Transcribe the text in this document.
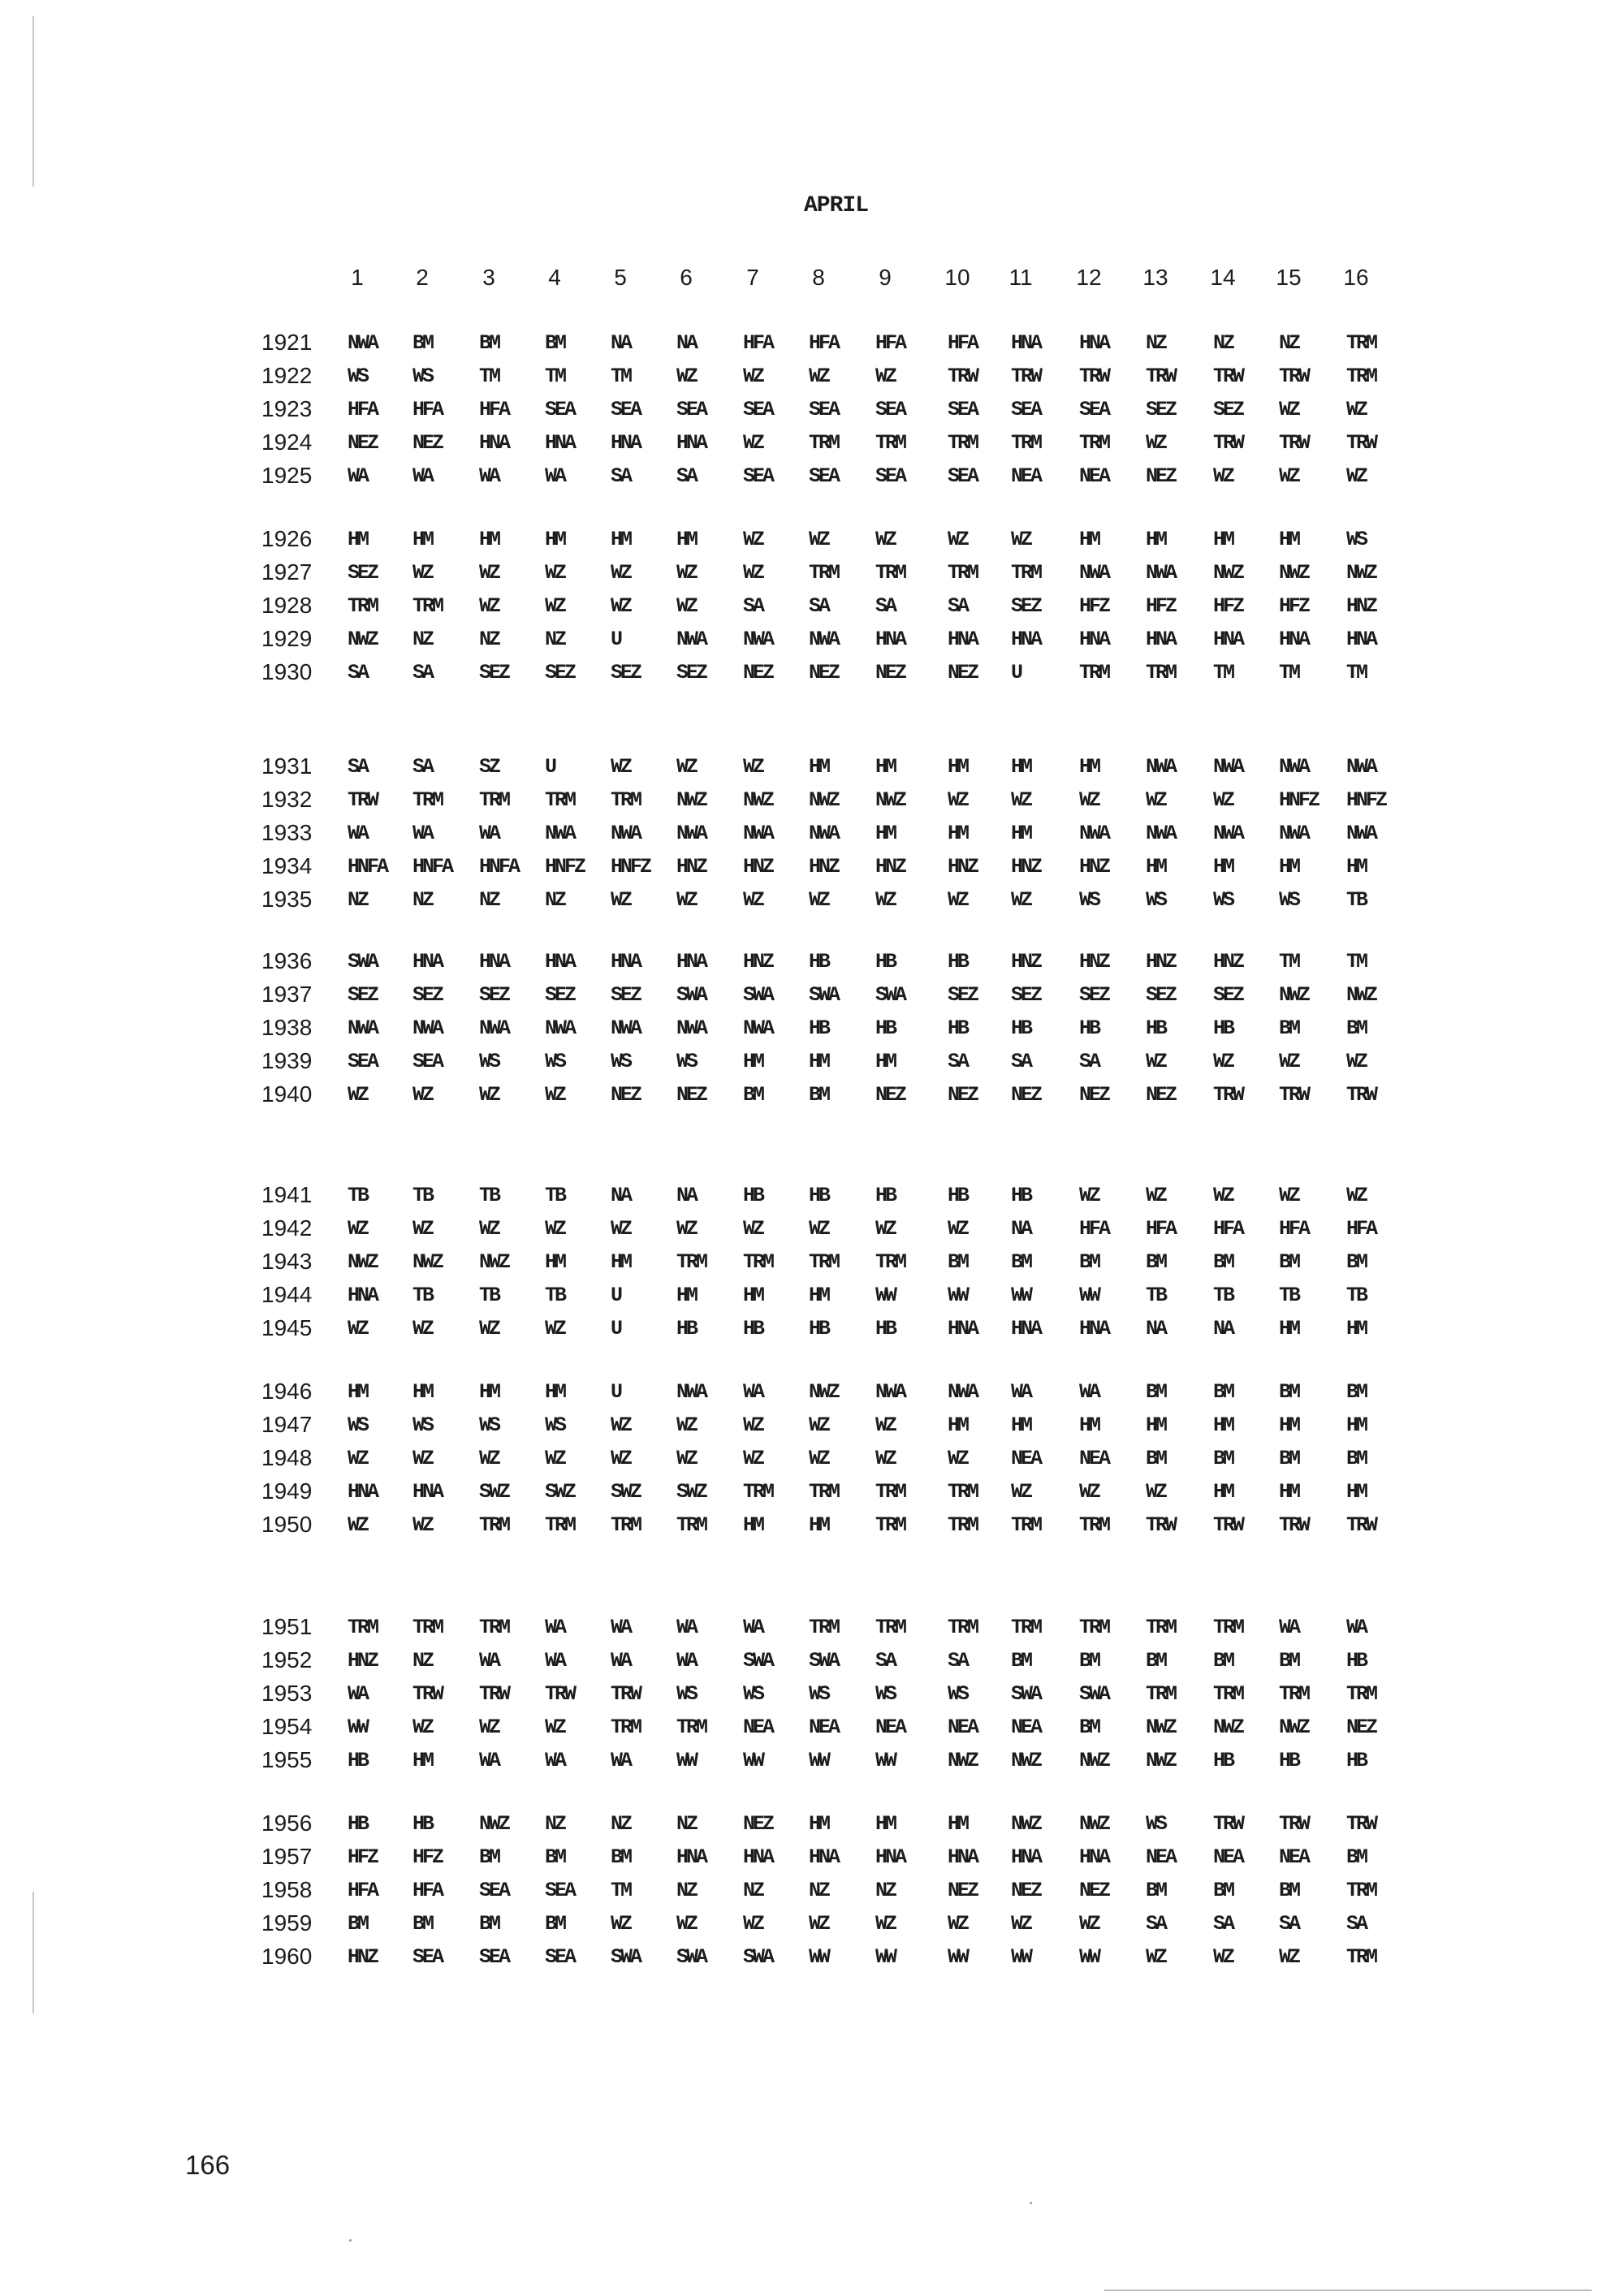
APRIL
1	2	3	4	5	6	7	8	9	10	11	12	13	14	15	16
1921 NWA BM BM BM NA NA HFA HFA HFA HFA HNA HNA NZ NZ NZ TRM
1922 WS WS TM TM TM WZ WZ WZ WZ	TRW TRW TRW TRW TRW TRW TRM
1923 HFA HFA HFA SEA SEA SEA SEA SEA SEA SEA SEA SEA SEZ SEZ WZ WZ
1924 NEZ NEZ HNA HNA HNA HNA WZ TRM TRM TRM TRM TRM WZ TRW TRW TRW
1925 WA WA WA WA SA SA SEA SEA SEA SEA NEA NEA NEZ WZ WZ WZ
1926 HM HM HM HM HM HM WZ WZ WZ	WZ WZ HM HM HM HM WS
1927 SEZ WZ WZ WZ WZ WZ WZ TRM TRM TRM TRM NWA NWA NWZ NWZ NWZ
1928 TRM TRM WZ WZ WZ WZ SA SA SA	SA SEZ HFZ HFZ HFZ HFZ HNZ
1929 NWZ NZ NZ NZ U	NWA NWA NWA HNA HNA HNA HNA HNA HNA HNA HNA
1930 SA SA SEZ SEZ SEZ SEZ NEZ NEZ NEZ NEZ U	TRM TRM TM TM TM
1931 SA SA SZ U	WZ WZ WZ HM HM	HM HM HM NWA NWA NWA NWA
1932 TRW TRM TRM TRM TRM NWZ NWZ NWZ NWZ WZ WZ WZ WZ WZ HNFZ HNFZ
1933 WA WA WA NWA NWA NWA NWA NWA HM	HM HM NWA NWA NWA NWA NWA
1934 HNFA HNFA HNFA HNFZ HNFZ HNZ HNZ HNZ HNZ HNZ HNZ HNZ HM HM HM HM
1935 NZ NZ NZ NZ WZ WZ WZ WZ WZ	WZ WZ WS WS WS WS TB
1936 SWA HNA HNA HNA HNA HNA HNZ HB HB	HB HNZ HNZ HNZ HNZ TM TM
1937 SEZ SEZ SEZ SEZ SEZ SWA SWA SWA SWA SEZ SEZ SEZ SEZ SEZ NWZ NWZ
1938 NWA NWA NWA NWA NWA NWA NWA HB HB	HB HB HB HB HB BM BM
1939 SEA SEA WS WS WS WS HM HM HM	SA SA SA WZ WZ WZ WZ
1940 WZ WZ WZ WZ NEZ NEZ BM BM NEZ NEZ NEZ NEZ NEZ TRW TRW TRW
1941 TB TB TB TB NA NA HB HB HB	HB HB WZ WZ WZ WZ WZ
1942 WZ WZ WZ WZ WZ WZ WZ WZ WZ	WZ NA HFA HFA HFA HFA HFA
1943 NWZ NWZ NWZ HM HM TRM TRM TRM TRM BM BM BM BM BM BM BM
1944 HNA TB TB TB U	HM HM HM WW	WW WW WW TB TB TB TB
1945 WZ WZ WZ WZ U	HB HB HB HB	HNA HNA HNA NA NA HM HM
1946 HM HM HM HM U	NWA WA NWZ NWA NWA WA WA BM BM BM BM
1947 WS WS WS WS WZ WZ WZ WZ WZ	HM HM HM HM HM HM HM
1948 WZ WZ WZ WZ WZ WZ WZ WZ WZ	WZ NEA NEA BM BM BM BM
1949 HNA HNA SWZ SWZ SWZ SWZ TRM TRM TRM TRM WZ WZ WZ HM HM HM
1950 WZ WZ TRM TRM TRM TRM HM HM TRM TRM TRM TRM TRW TRW TRW TRW
1951 TRM TRM TRM WA WA WA WA TRM TRM TRM TRM TRM TRM TRM WA WA
1952 HNZ NZ WA WA WA WA SWA SWA SA	SA BM BM BM BM BM HB
1953 WA TRW TRW TRW TRW WS WS WS WS	WS SWA SWA TRM TRM TRM TRM
1954 WW WZ WZ WZ TRM TRM NEA NEA NEA NEA NEA BM NWZ NWZ NWZ NEZ
1955 HB HM WA WA WA WW WW WW WW	NWZ NWZ NWZ NWZ HB HB HB
1956 HB HB NWZ NZ NZ NZ NEZ HM HM	HM NWZ NWZ WS TRW TRW TRW
1957 HFZ HFZ BM BM BM HNA HNA HNA HNA HNA HNA HNA NEA NEA NEA BM
1958 HFA HFA SEA SEA TM NZ NZ NZ NZ	NEZ NEZ NEZ BM BM BM TRM
1959 BM BM BM BM WZ WZ WZ WZ WZ	WZ WZ WZ SA SA SA SA
1960 HNZ SEA SEA SEA SWA SWA SWA WW WW	WW WW WW WZ WZ WZ TRM
166
